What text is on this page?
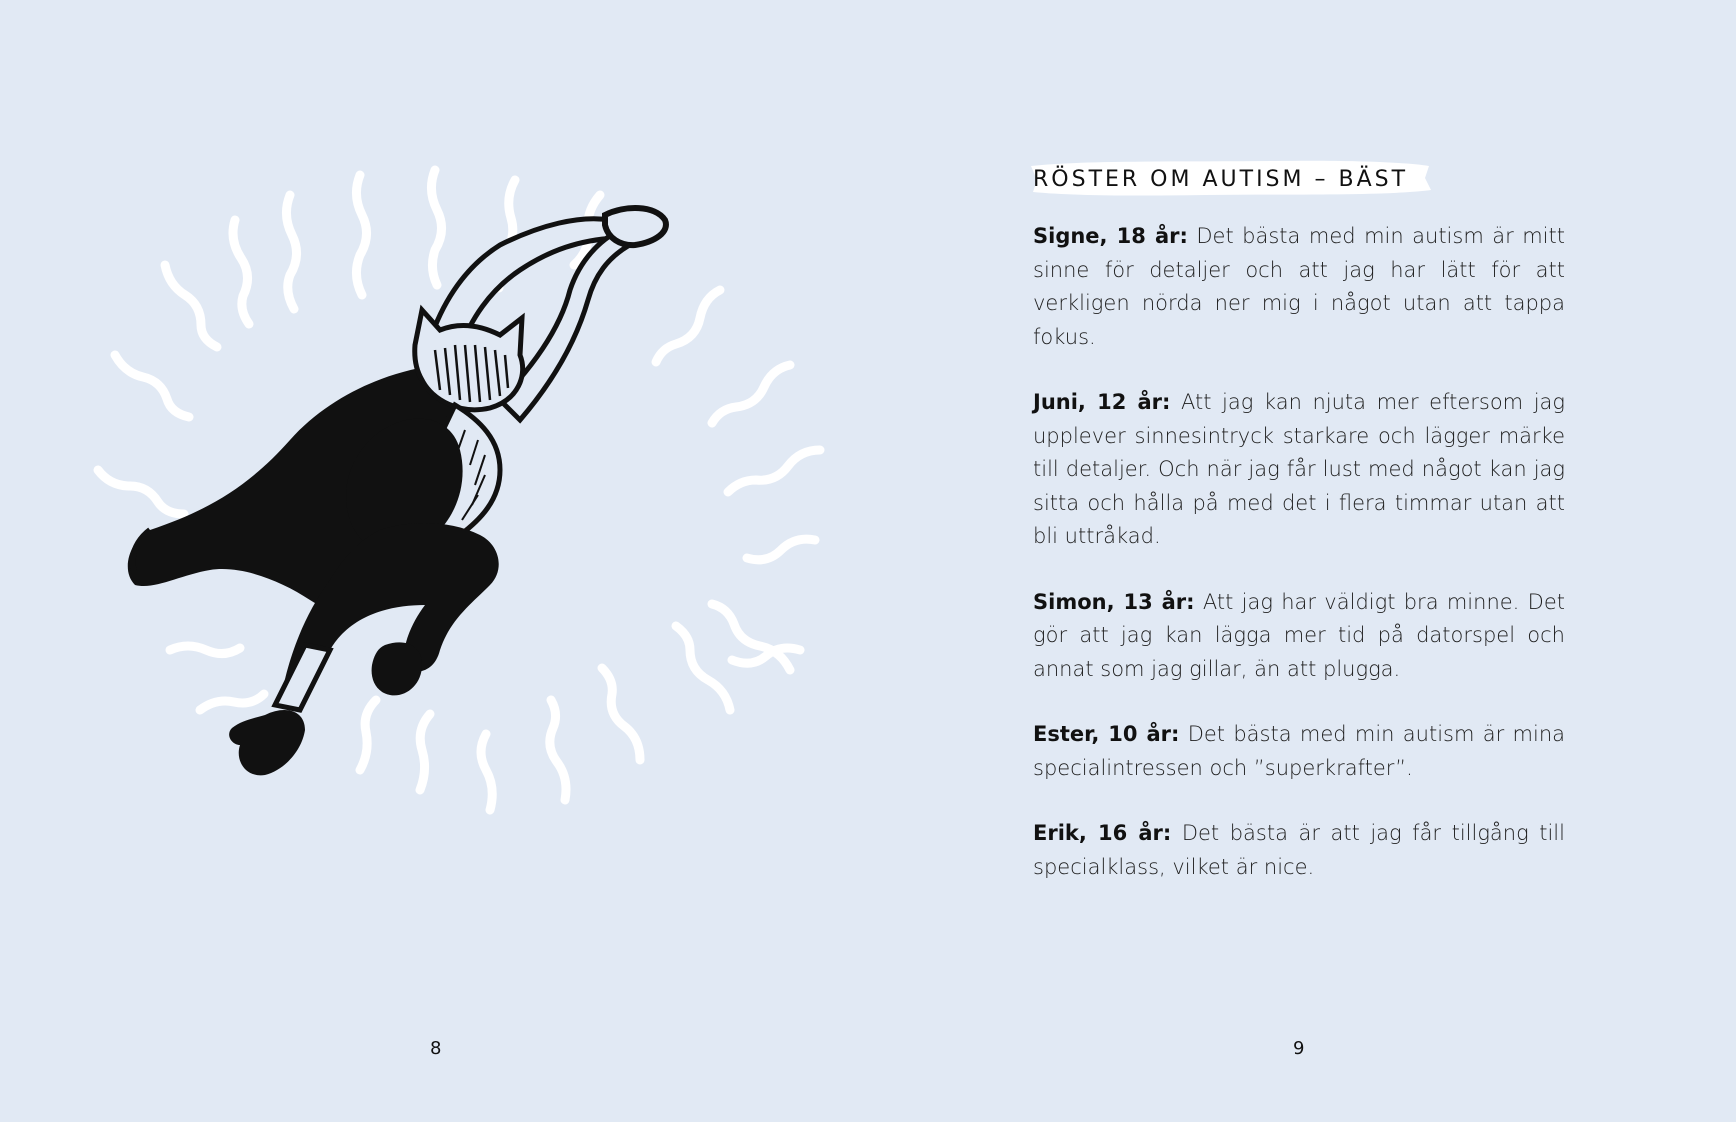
RÖSTER OM AUTISM – BÄST

Signe, 18 år: Det bästa med min autism är mitt sinne för detaljer och att jag har lätt för att verkligen nörda ner mig i något utan att tappa fokus.

Juni, 12 år: Att jag kan njuta mer eftersom jag upplever sinnesintryck starkare och lägger märke till detaljer. Och när jag får lust med något kan jag sitta och hålla på med det i flera timmar utan att bli uttråkad.

Simon, 13 år: Att jag har väldigt bra minne. Det gör att jag kan lägga mer tid på datorspel och annat som jag gillar, än att plugga.

Ester, 10 år: Det bästa med min autism är mina specialintressen och ”superkrafter”.

Erik, 16 år: Det bästa är att jag får tillgång till specialklass, vilket är nice.

8	9
